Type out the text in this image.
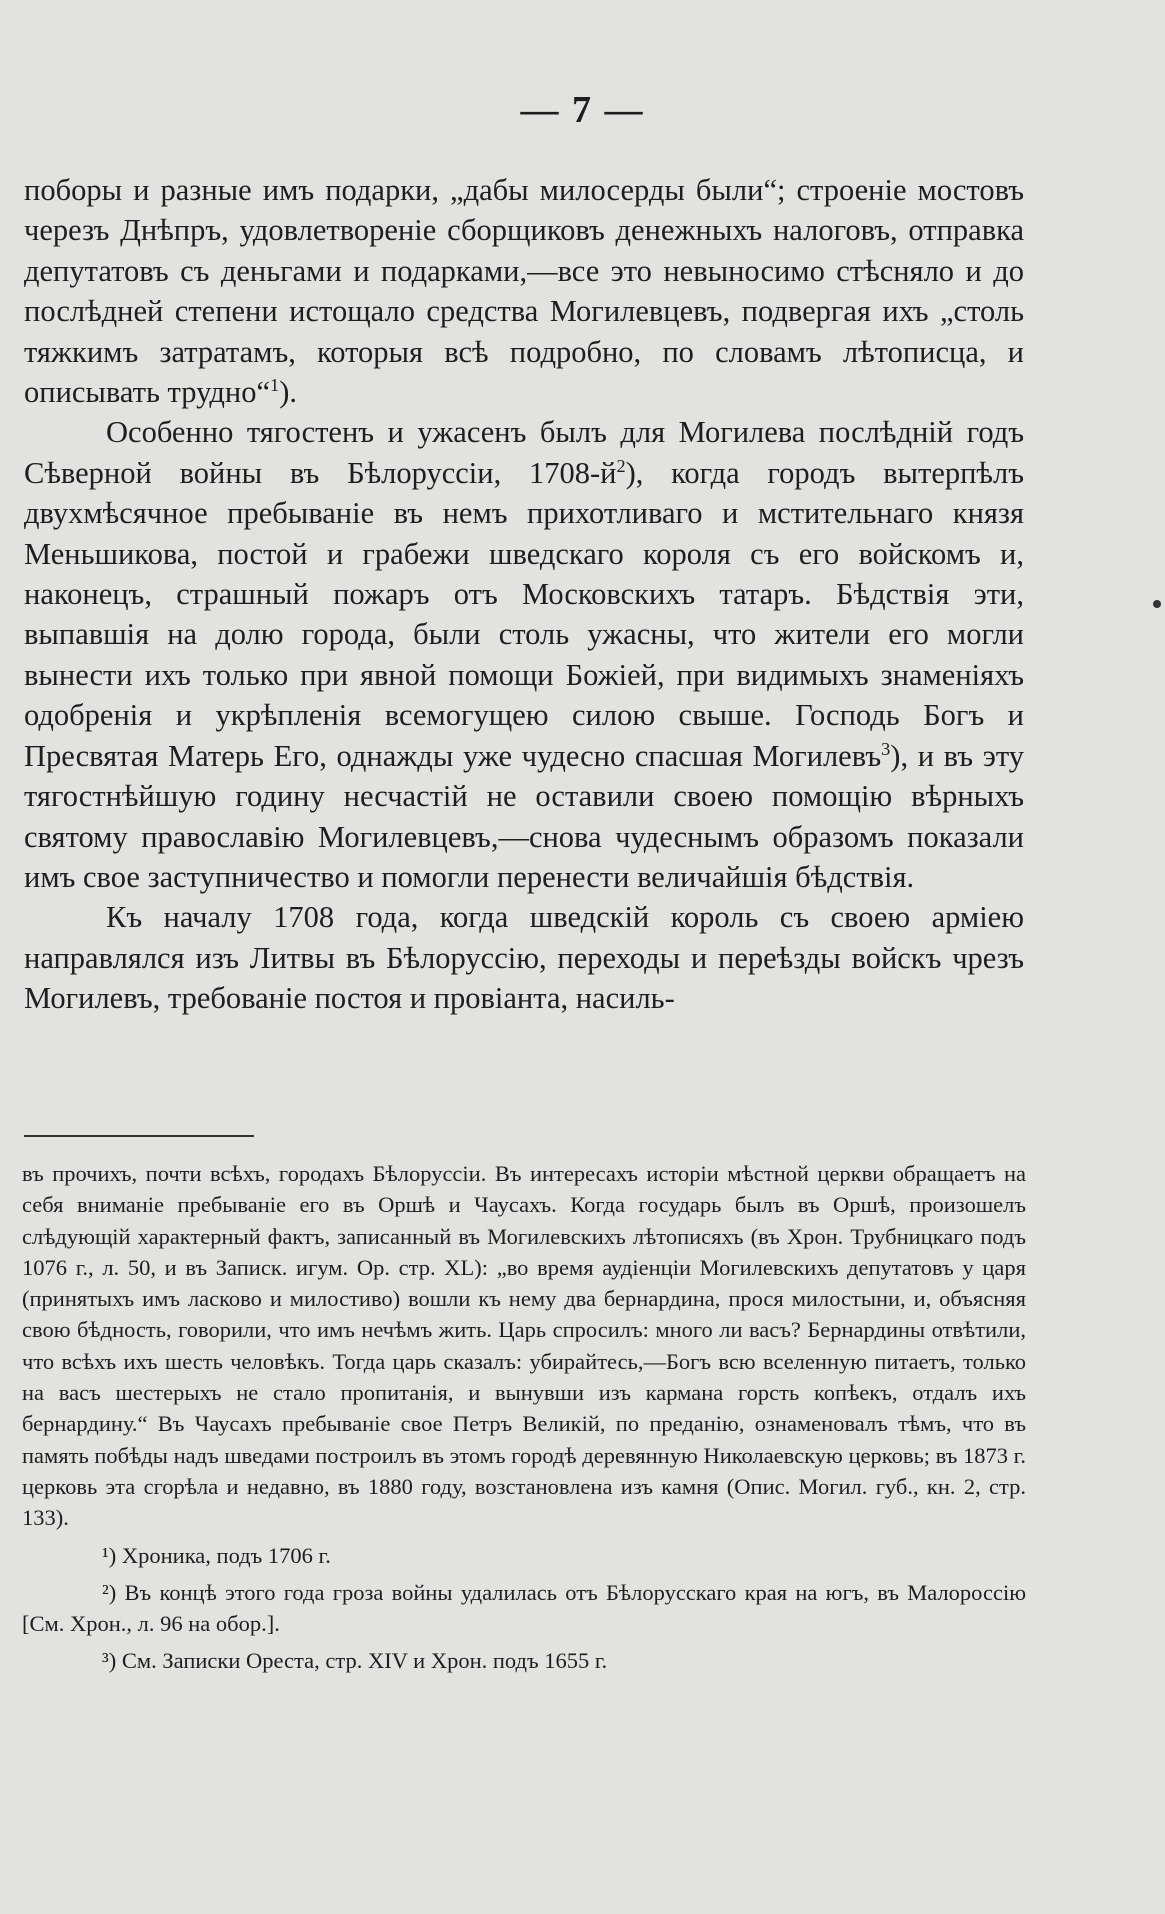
— 7 —

поборы и разные имъ подарки, „дабы милосерды были“; строеніе мостовъ черезъ Днѣпръ, удовлетвореніе сборщиковъ денежныхъ налоговъ, отправка депутатовъ съ деньгами и подарками,—все это невыносимо стѣсняло и до послѣдней степени истощало средства Могилевцевъ, подвергая ихъ „столь тяжкимъ затратамъ, которыя всѣ подробно, по словамъ лѣтописца, и описывать трудно“$^1$).

Особенно тягостенъ и ужасенъ былъ для Могилева послѣдній годъ Сѣверной войны въ Бѣлоруссіи, $1708-й^2$), когда городъ вытерпѣлъ двухмѣсячное пребываніе въ немъ прихотливаго и мстительнаго князя Меньшикова, постой и грабежи шведскаго короля съ его войскомъ и, наконецъ, страшный пожаръ отъ Московскихъ татаръ. Бѣдствія эти, выпавшія на долю города, были столь ужасны, что жители его могли вынести ихъ только при явной помощи Божіей, при видимыхъ знаменіяхъ одобренія и укрѣпленія всемогущею силою свыше. Господь Богъ и Пресвятая Матерь Его, однажды уже чудесно спасшая Могилевъ$^3$), и въ эту тягостнѣйшую годину несчастій не оставили своею помощію вѣрныхъ святому православію Могилевцевъ,—снова чудеснымъ образомъ показали имъ свое заступничество и помогли перенести величайшія бѣдствія.

Къ началу 1708 года, когда шведскій король съ своею арміею направлялся изъ Литвы въ Бѣлоруссію, переходы и переѣзды войскъ чрезъ Могилевъ, требованіе постоя и провіанта, насиль-

въ прочихъ, почти всѣхъ, городахъ Бѣлоруссіи. Въ интересахъ исторіи мѣстной церкви обращаетъ на себя вниманіе пребываніе его въ Оршѣ и Чаусахъ. Когда государь былъ въ Оршѣ, произошелъ слѣдующій характерный фактъ, записанный въ Могилевскихъ лѣтописяхъ (въ Хрон. Трубницкаго подъ 1076 г., л. 50, и въ Записк. игум. Ор. стр. XL): „во время аудіенціи Могилевскихъ депутатовъ у царя (принятыхъ имъ ласково и милостиво) вошли къ нему два бернардина, прося милостыни, и, объясняя свою бѣдность, говорили, что имъ нечѣмъ жить. Царь спросилъ: много ли васъ? Бернардины отвѣтили, что всѣхъ ихъ шесть человѣкъ. Тогда царь сказалъ: убирайтесь,—Богъ всю вселенную питаетъ, только на васъ шестерыхъ не стало пропитанія, и вынувши изъ кармана горсть копѣекъ, отдалъ ихъ бернардину.“ Въ Чаусахъ пребываніе свое Петръ Великій, по преданію, ознаменовалъ тѣмъ, что въ память побѣды надъ шведами построилъ въ этомъ городѣ деревянную Николаевскую церковь; въ 1873 г. церковь эта сгорѣла и недавно, въ 1880 году, возстановлена изъ камня (Опис. Могил. губ., кн. 2, стр. 133).

¹) Хроника, подъ 1706 г.

²) Въ концѣ этого года гроза войны удалилась отъ Бѣлорусскаго края на югъ, въ Малороссію [См. Хрон., л. 96 на обор.].

³) См. Записки Ореста, стр. XIV и Хрон. подъ 1655 г.
